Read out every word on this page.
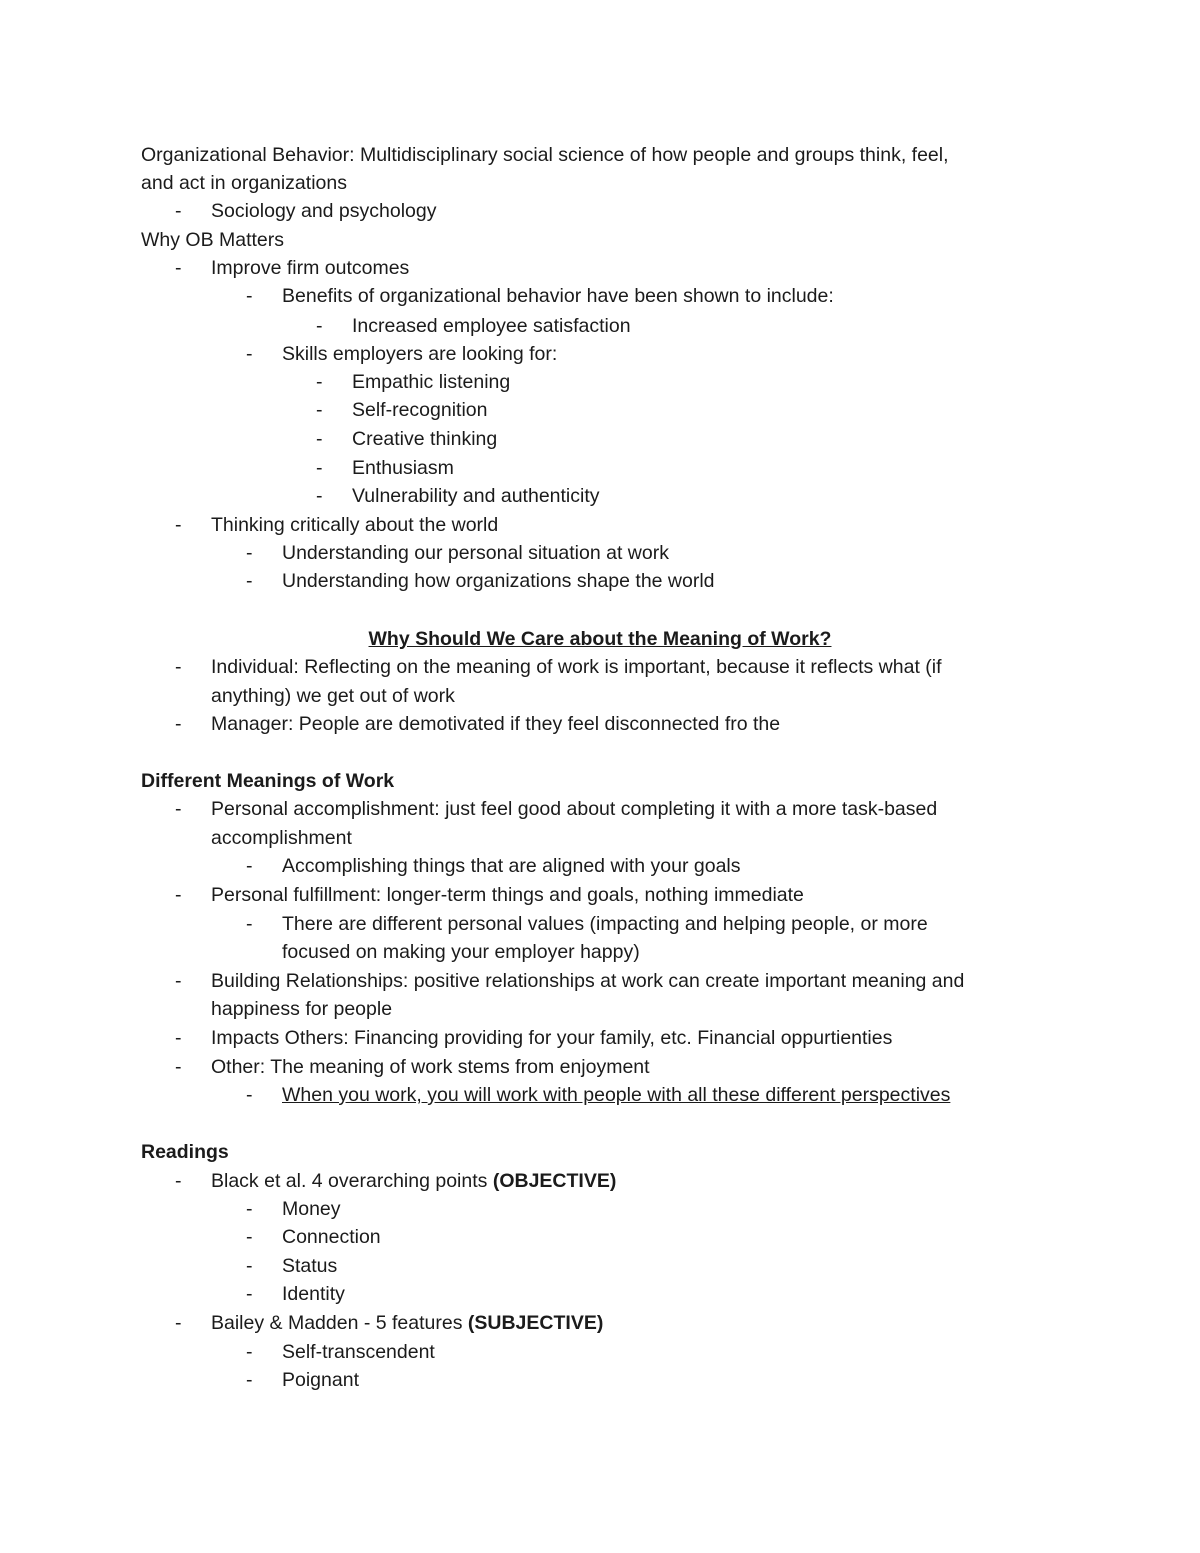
Organizational Behavior: Multidisciplinary social science of how people and groups think, feel,
and act in organizations
- Sociology and psychology
Why OB Matters
- Improve firm outcomes
- Benefits of organizational behavior have been shown to include:
- Increased employee satisfaction
- Skills employers are looking for:
- Empathic listening
- Self-recognition
- Creative thinking
- Enthusiasm
- Vulnerability and authenticity
- Thinking critically about the world
- Understanding our personal situation at work
- Understanding how organizations shape the world
Why Should We Care about the Meaning of Work?
- Individual: Reflecting on the meaning of work is important, because it reflects what (if
anything) we get out of work
- Manager: People are demotivated if they feel disconnected fro the
Different Meanings of Work
- Personal accomplishment: just feel good about completing it with a more task-based
accomplishment
- Accomplishing things that are aligned with your goals
- Personal fulfillment: longer-term things and goals, nothing immediate
- There are different personal values (impacting and helping people, or more
focused on making your employer happy)
- Building Relationships: positive relationships at work can create important meaning and
happiness for people
- Impacts Others: Financing providing for your family, etc. Financial oppurtienties
- Other: The meaning of work stems from enjoyment
- When you work, you will work with people with all these different perspectives
Readings
- Black et al. 4 overarching points (OBJECTIVE)
- Money
- Connection
- Status
- Identity
- Bailey & Madden - 5 features (SUBJECTIVE)
- Self-transcendent
- Poignant
